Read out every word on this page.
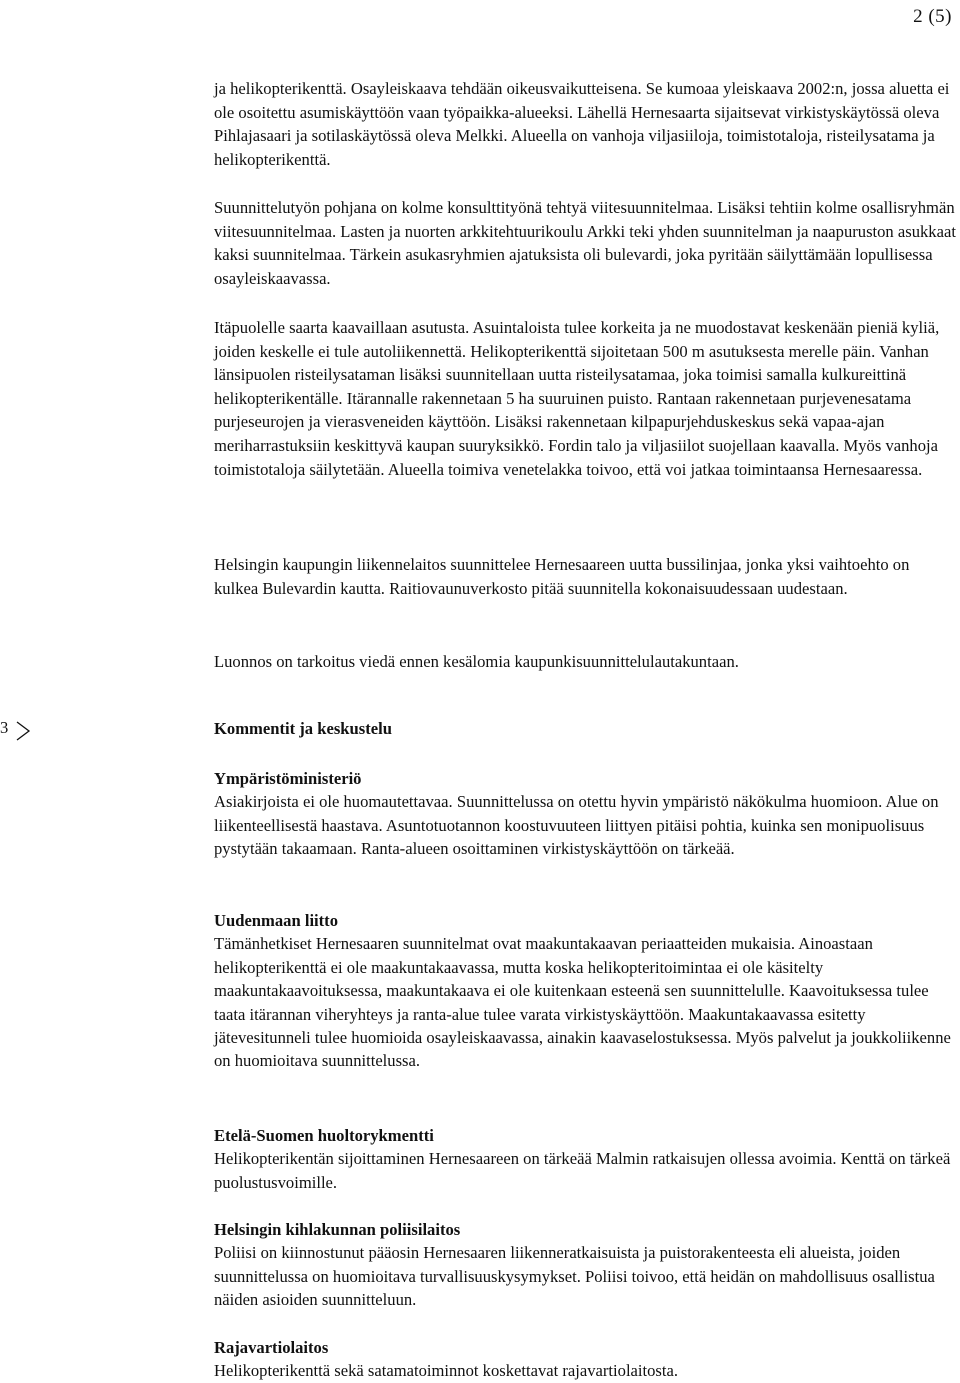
2 (5)

ja helikopterikenttä. Osayleiskaava tehdään oikeusvaikutteisena. Se kumoaa yleiskaava 2002:n, jossa aluetta ei ole osoitettu asumiskäyttöön vaan työpaikka-alueeksi. Lähellä Hernesaarta sijaitsevat virkistyskäytössä oleva Pihlajasaari ja sotilaskäytössä oleva Melkki. Alueella on vanhoja viljasiiloja, toimistotaloja, risteilysatama ja helikopterikenttä.

Suunnittelutyön pohjana on kolme konsulttityönä tehtyä viitesuunnitelmaa. Lisäksi tehtiin kolme osallisryhmän viitesuunnitelmaa. Lasten ja nuorten arkkitehtuurikoulu Arkki teki yhden suunnitelman ja naapuruston asukkaat kaksi suunnitelmaa. Tärkein asukasryhmien ajatuksista oli bulevardi, joka pyritään säilyttämään lopullisessa osayleiskaavassa.

Itäpuolelle saarta kaavaillaan asutusta. Asuintaloista tulee korkeita ja ne muodostavat keskenään pieniä kyliä, joiden keskelle ei tule autoliikennettä. Helikopterikenttä sijoitetaan 500 m asutuksesta merelle päin. Vanhan länsipuolen risteilysataman lisäksi suunnitellaan uutta risteilysatamaa, joka toimisi samalla kulkureittinä helikopterikentälle. Itärannalle rakennetaan 5 ha suuruinen puisto. Rantaan rakennetaan purjevenesatama purjeseurojen ja vierasveneiden käyttöön. Lisäksi rakennetaan kilpapurjehduskeskus sekä vapaa-ajan meriharrastuksiin keskittyvä kaupan suuryksikkö. Fordin talo ja viljasiilot suojellaan kaavalla. Myös vanhoja toimistotaloja säilytetään. Alueella toimiva venetelakka toivoo, että voi jatkaa toimintaansa Hernesaaressa.

Helsingin kaupungin liikennelaitos suunnittelee Hernesaareen uutta bussilinjaa, jonka yksi vaihtoehto on kulkea Bulevardin kautta. Raitiovaunuverkosto pitää suunnitella kokonaisuudessaan uudestaan.

Luonnos on tarkoitus viedä ennen kesälomia kaupunkisuunnittelulautakuntaan.

3	Kommentit ja keskustelu
Ympäristöministeriö

Asiakirjoista ei ole huomautettavaa. Suunnittelussa on otettu hyvin ympäristö näkökulma huomioon. Alue on liikenteellisestä haastava. Asuntotuotannon koostuvuuteen liittyen pitäisi pohtia, kuinka sen monipuolisuus pystytään takaamaan. Ranta-alueen osoittaminen virkistyskäyttöön on tärkeää.

Uudenmaan liitto

Tämänhetkiset Hernesaaren suunnitelmat ovat maakuntakaavan periaatteiden mukaisia. Ainoastaan helikopterikenttä ei ole maakuntakaavassa, mutta koska helikopteritoimintaa ei ole käsitelty maakuntakaavoituksessa, maakuntakaava ei ole kuitenkaan esteenä sen suunnittelulle. Kaavoituksessa tulee taata itärannan viheryhteys ja ranta-alue tulee varata virkistyskäyttöön. Maakuntakaavassa esitetty jätevesitunneli tulee huomioida osayleiskaavassa, ainakin kaavaselostuksessa. Myös palvelut ja joukkoliikenne on huomioitava suunnittelussa.

Etelä-Suomen huoltorykmentti

Helikopterikentän sijoittaminen Hernesaareen on tärkeää Malmin ratkaisujen ollessa avoimia. Kenttä on tärkeä puolustusvoimille.

Helsingin kihlakunnan poliisilaitos

Poliisi on kiinnostunut pääosin Hernesaaren liikenneratkaisuista ja puistorakenteesta eli alueista, joiden suunnittelussa on huomioitava turvallisuuskysymykset. Poliisi toivoo, että heidän on mahdollisuus osallistua näiden asioiden suunnitteluun.

Rajavartiolaitos

Helikopterikenttä sekä satamatoiminnot koskettavat rajavartiolaitosta.
